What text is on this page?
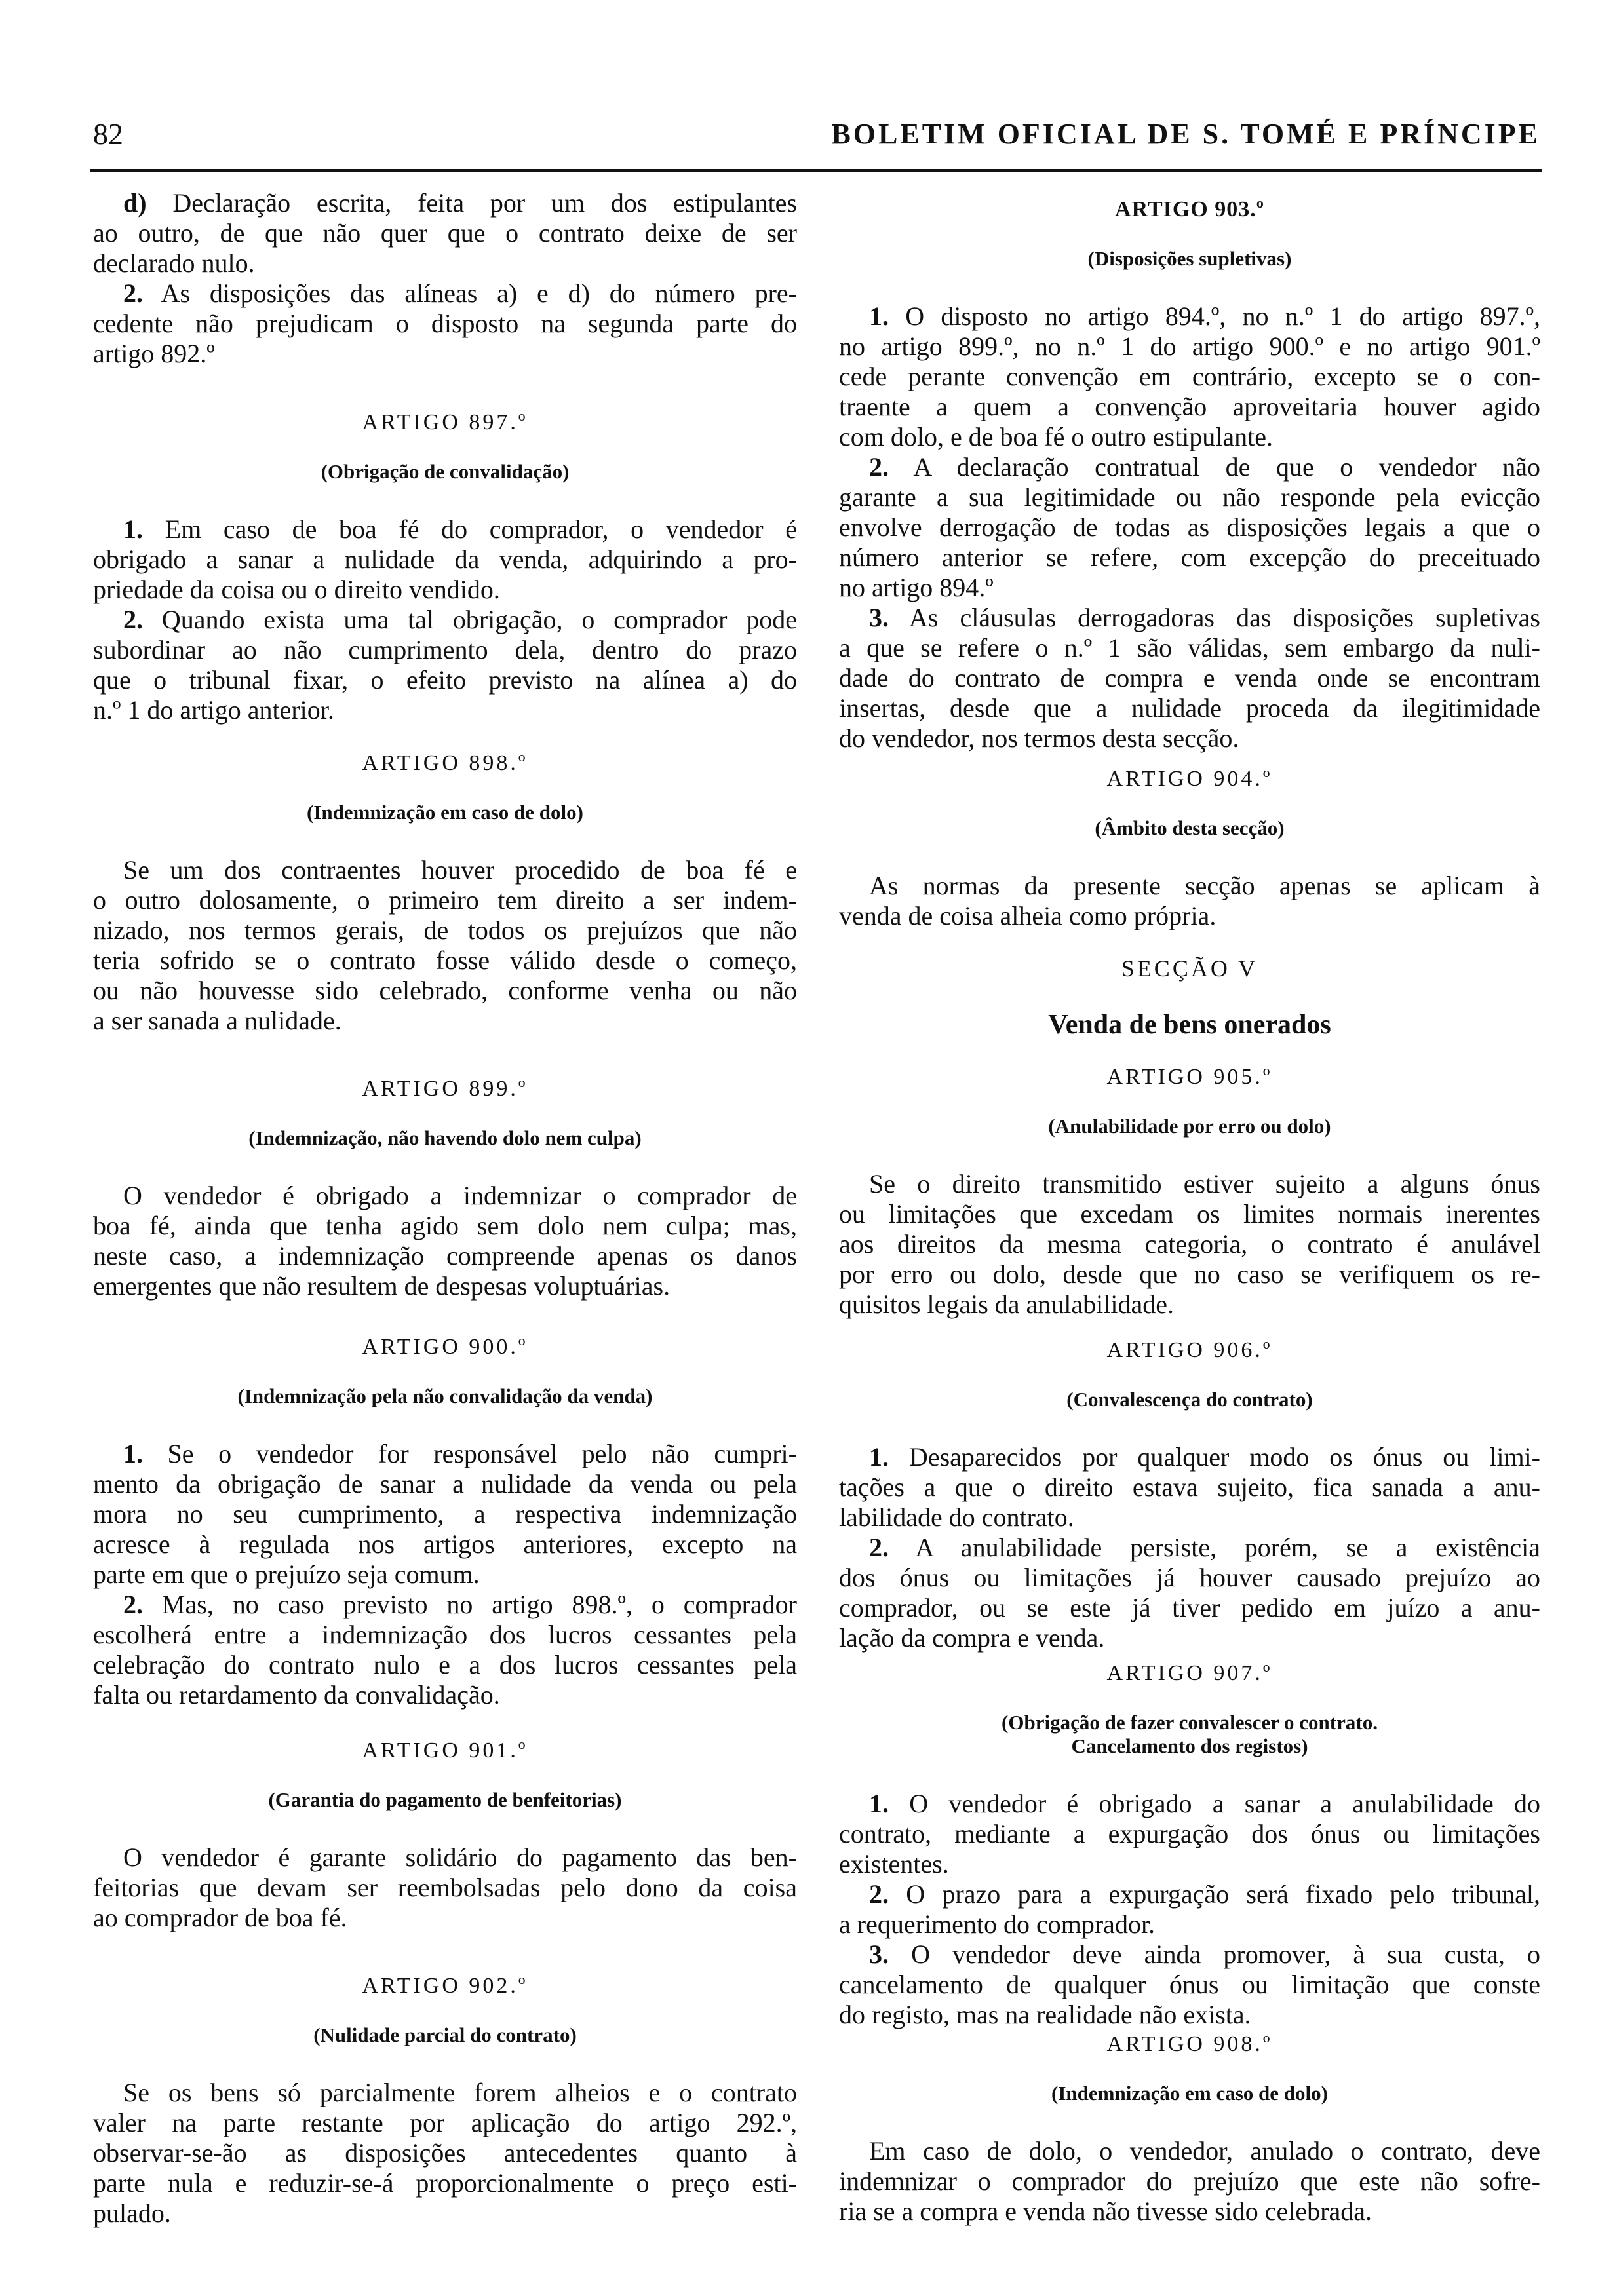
82	BOLETIM OFICIAL DE S. TOMÉ E PRÍNCIPE
d) Declaração escrita, feita por um dos estipulantes
ao outro, de que não quer que o contrato deixe de ser
declarado nulo.
2. As disposições das alíneas a) e d) do número pre-
cedente não prejudicam o disposto na segunda parte do
artigo 892.º
ARTIGO 897.º
(Obrigação de convalidação)
1. Em caso de boa fé do comprador, o vendedor é
obrigado a sanar a nulidade da venda, adquirindo a pro-
priedade da coisa ou o direito vendido.
2. Quando exista uma tal obrigação, o comprador pode
subordinar ao não cumprimento dela, dentro do prazo
que o tribunal fixar, o efeito previsto na alínea a) do
n.º 1 do artigo anterior.
ARTIGO 898.º
(Indemnização em caso de dolo)
Se um dos contraentes houver procedido de boa fé e
o outro dolosamente, o primeiro tem direito a ser indem-
nizado, nos termos gerais, de todos os prejuízos que não
teria sofrido se o contrato fosse válido desde o começo,
ou não houvesse sido celebrado, conforme venha ou não
a ser sanada a nulidade.
ARTIGO 899.º
(Indemnização, não havendo dolo nem culpa)
O vendedor é obrigado a indemnizar o comprador de
boa fé, ainda que tenha agido sem dolo nem culpa; mas,
neste caso, a indemnização compreende apenas os danos
emergentes que não resultem de despesas voluptuárias.
ARTIGO 900.º
(Indemnização pela não convalidação da venda)
1. Se o vendedor for responsável pelo não cumpri-
mento da obrigação de sanar a nulidade da venda ou pela
mora no seu cumprimento, a respectiva indemnização
acresce à regulada nos artigos anteriores, excepto na
parte em que o prejuízo seja comum.
2. Mas, no caso previsto no artigo 898.º, o comprador
escolherá entre a indemnização dos lucros cessantes pela
celebração do contrato nulo e a dos lucros cessantes pela
falta ou retardamento da convalidação.
ARTIGO 901.º
(Garantia do pagamento de benfeitorias)
O vendedor é garante solidário do pagamento das ben-
feitorias que devam ser reembolsadas pelo dono da coisa
ao comprador de boa fé.
ARTIGO 902.º
(Nulidade parcial do contrato)
Se os bens só parcialmente forem alheios e o contrato
valer na parte restante por aplicação do artigo 292.º,
observar-se-ão as disposições antecedentes quanto à
parte nula e reduzir-se-á proporcionalmente o preço esti-
pulado.
ARTIGO 903.º
(Disposições supletivas)
1. O disposto no artigo 894.º, no n.º 1 do artigo 897.º,
no artigo 899.º, no n.º 1 do artigo 900.º e no artigo 901.º
cede perante convenção em contrário, excepto se o con-
traente a quem a convenção aproveitaria houver agido
com dolo, e de boa fé o outro estipulante.
2. A declaração contratual de que o vendedor não
garante a sua legitimidade ou não responde pela evicção
envolve derrogação de todas as disposições legais a que o
número anterior se refere, com excepção do preceituado
no artigo 894.º
3. As cláusulas derrogadoras das disposições supletivas
a que se refere o n.º 1 são válidas, sem embargo da nuli-
dade do contrato de compra e venda onde se encontram
insertas, desde que a nulidade proceda da ilegitimidade
do vendedor, nos termos desta secção.
ARTIGO 904.º
(Âmbito desta secção)
As normas da presente secção apenas se aplicam à
venda de coisa alheia como própria.
SECÇÃO V
Venda de bens onerados
ARTIGO 905.º
(Anulabilidade por erro ou dolo)
Se o direito transmitido estiver sujeito a alguns ónus
ou limitações que excedam os limites normais inerentes
aos direitos da mesma categoria, o contrato é anulável
por erro ou dolo, desde que no caso se verifiquem os re-
quisitos legais da anulabilidade.
ARTIGO 906.º
(Convalescença do contrato)
1. Desaparecidos por qualquer modo os ónus ou limi-
tações a que o direito estava sujeito, fica sanada a anu-
labilidade do contrato.
2. A anulabilidade persiste, porém, se a existência
dos ónus ou limitações já houver causado prejuízo ao
comprador, ou se este já tiver pedido em juízo a anu-
lação da compra e venda.
ARTIGO 907.º
(Obrigação de fazer convalescer o contrato.
Cancelamento dos registos)
1. O vendedor é obrigado a sanar a anulabilidade do
contrato, mediante a expurgação dos ónus ou limitações
existentes.
2. O prazo para a expurgação será fixado pelo tribunal,
a requerimento do comprador.
3. O vendedor deve ainda promover, à sua custa, o
cancelamento de qualquer ónus ou limitação que conste
do registo, mas na realidade não exista.
ARTIGO 908.º
(Indemnização em caso de dolo)
Em caso de dolo, o vendedor, anulado o contrato, deve
indemnizar o comprador do prejuízo que este não sofre-
ria se a compra e venda não tivesse sido celebrada.
